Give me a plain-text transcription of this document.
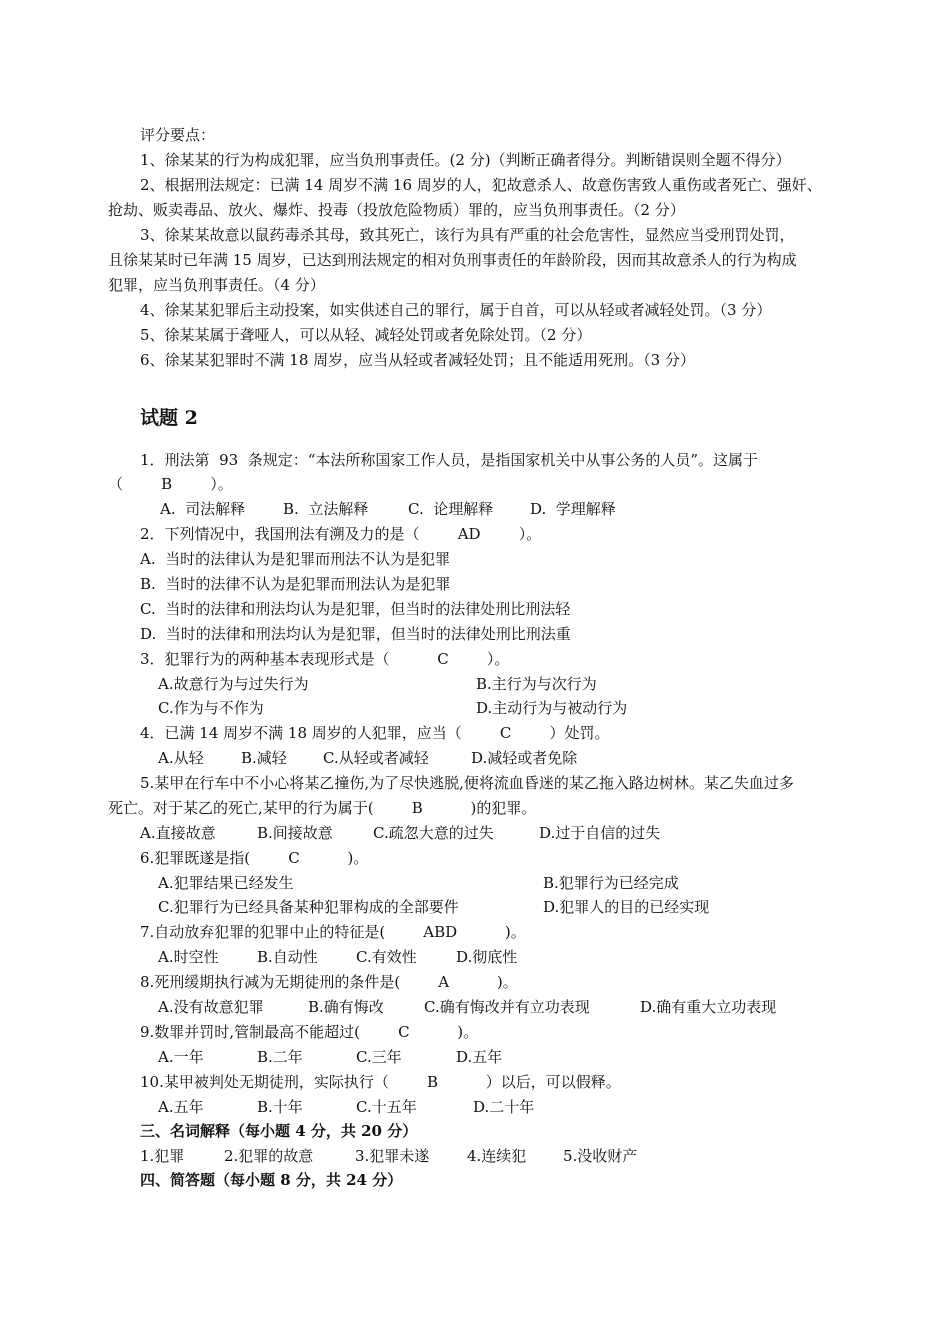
评分要点：
1、徐某某的行为构成犯罪，应当负刑事责任。(2 分)（判断正确者得分。判断错误则全题不得分）
2、根据刑法规定：已满 14 周岁不满 16 周岁的人，犯故意杀人、故意伤害致人重伤或者死亡、强奸、
抢劫、贩卖毒品、放火、爆炸、投毒（投放危险物质）罪的，应当负刑事责任。（2 分）
3、徐某某故意以鼠药毒杀其母，致其死亡，该行为具有严重的社会危害性，显然应当受刑罚处罚，
且徐某某时已年满 15 周岁，已达到刑法规定的相对负刑事责任的年龄阶段，因而其故意杀人的行为构成
犯罪，应当负刑事责任。（4 分）
4、徐某某犯罪后主动投案，如实供述自己的罪行，属于自首，可以从轻或者减轻处罚。（3 分）
5、徐某某属于聋哑人，可以从轻、减轻处罚或者免除处罚。（2 分）
6、徐某某犯罪时不满 18 周岁，应当从轻或者减轻处罚；且不能适用死刑。（3 分）
试题 2
1．刑法第  93  条规定：“本法所称国家工作人员，是指国家机关中从事公务的人员”。这属于
（        B        ）。
A.  司法解释	B.  立法解释	C.  论理解释 D.  学理解释
2．下列情况中，我国刑法有溯及力的是（        AD        ）。
A.  当时的法律认为是犯罪而刑法不认为是犯罪
B.  当时的法律不认为是犯罪而刑法认为是犯罪
C.  当时的法律和刑法均认为是犯罪，但当时的法律处刑比刑法轻
D.  当时的法律和刑法均认为是犯罪，但当时的法律处刑比刑法重
3．犯罪行为的两种基本表现形式是（          C        ）。
A.故意行为与过失行为	B.主行为与次行为
C.作为与不作为	D.主动行为与被动行为
4．已满 14 周岁不满 18 周岁的人犯罪，应当（        C        ）处罚。
A.从轻 B.减轻 C.从轻或者减轻	D.减轻或者免除
5.某甲在行车中不小心将某乙撞伤,为了尽快逃脱,便将流血昏迷的某乙拖入路边树林。某乙失血过多
死亡。对于某乙的死亡,某甲的行为属于(        B          )的犯罪。
A.直接故意	B.间接故意	C.疏忽大意的过失	D.过于自信的过失
6.犯罪既遂是指(        C          )。
A.犯罪结果已经发生	B.犯罪行为已经完成
C.犯罪行为已经具备某种犯罪构成的全部要件	D.犯罪人的目的已经实现
7.自动放弃犯罪的犯罪中止的特征是(        ABD          )。
A.时空性	B.自动性	C.有效性	D.彻底性
8.死刑缓期执行减为无期徒刑的条件是(        A          )。
A.没有故意犯罪	B.确有悔改	C.确有悔改并有立功表现	D.确有重大立功表现
9.数罪并罚时,管制最高不能超过(        C          )。
A.一年	B.二年	C.三年	D.五年
10.某甲被判处无期徒刑，实际执行（        B          ）以后，可以假释。
A.五年	B.十年	C.十五年	D.二十年
三、名词解释（每小题 4 分，共 20 分）
1.犯罪	2.犯罪的故意	3.犯罪未遂	4.连续犯 5.没收财产
四、简答题（每小题 8 分，共 24 分）
